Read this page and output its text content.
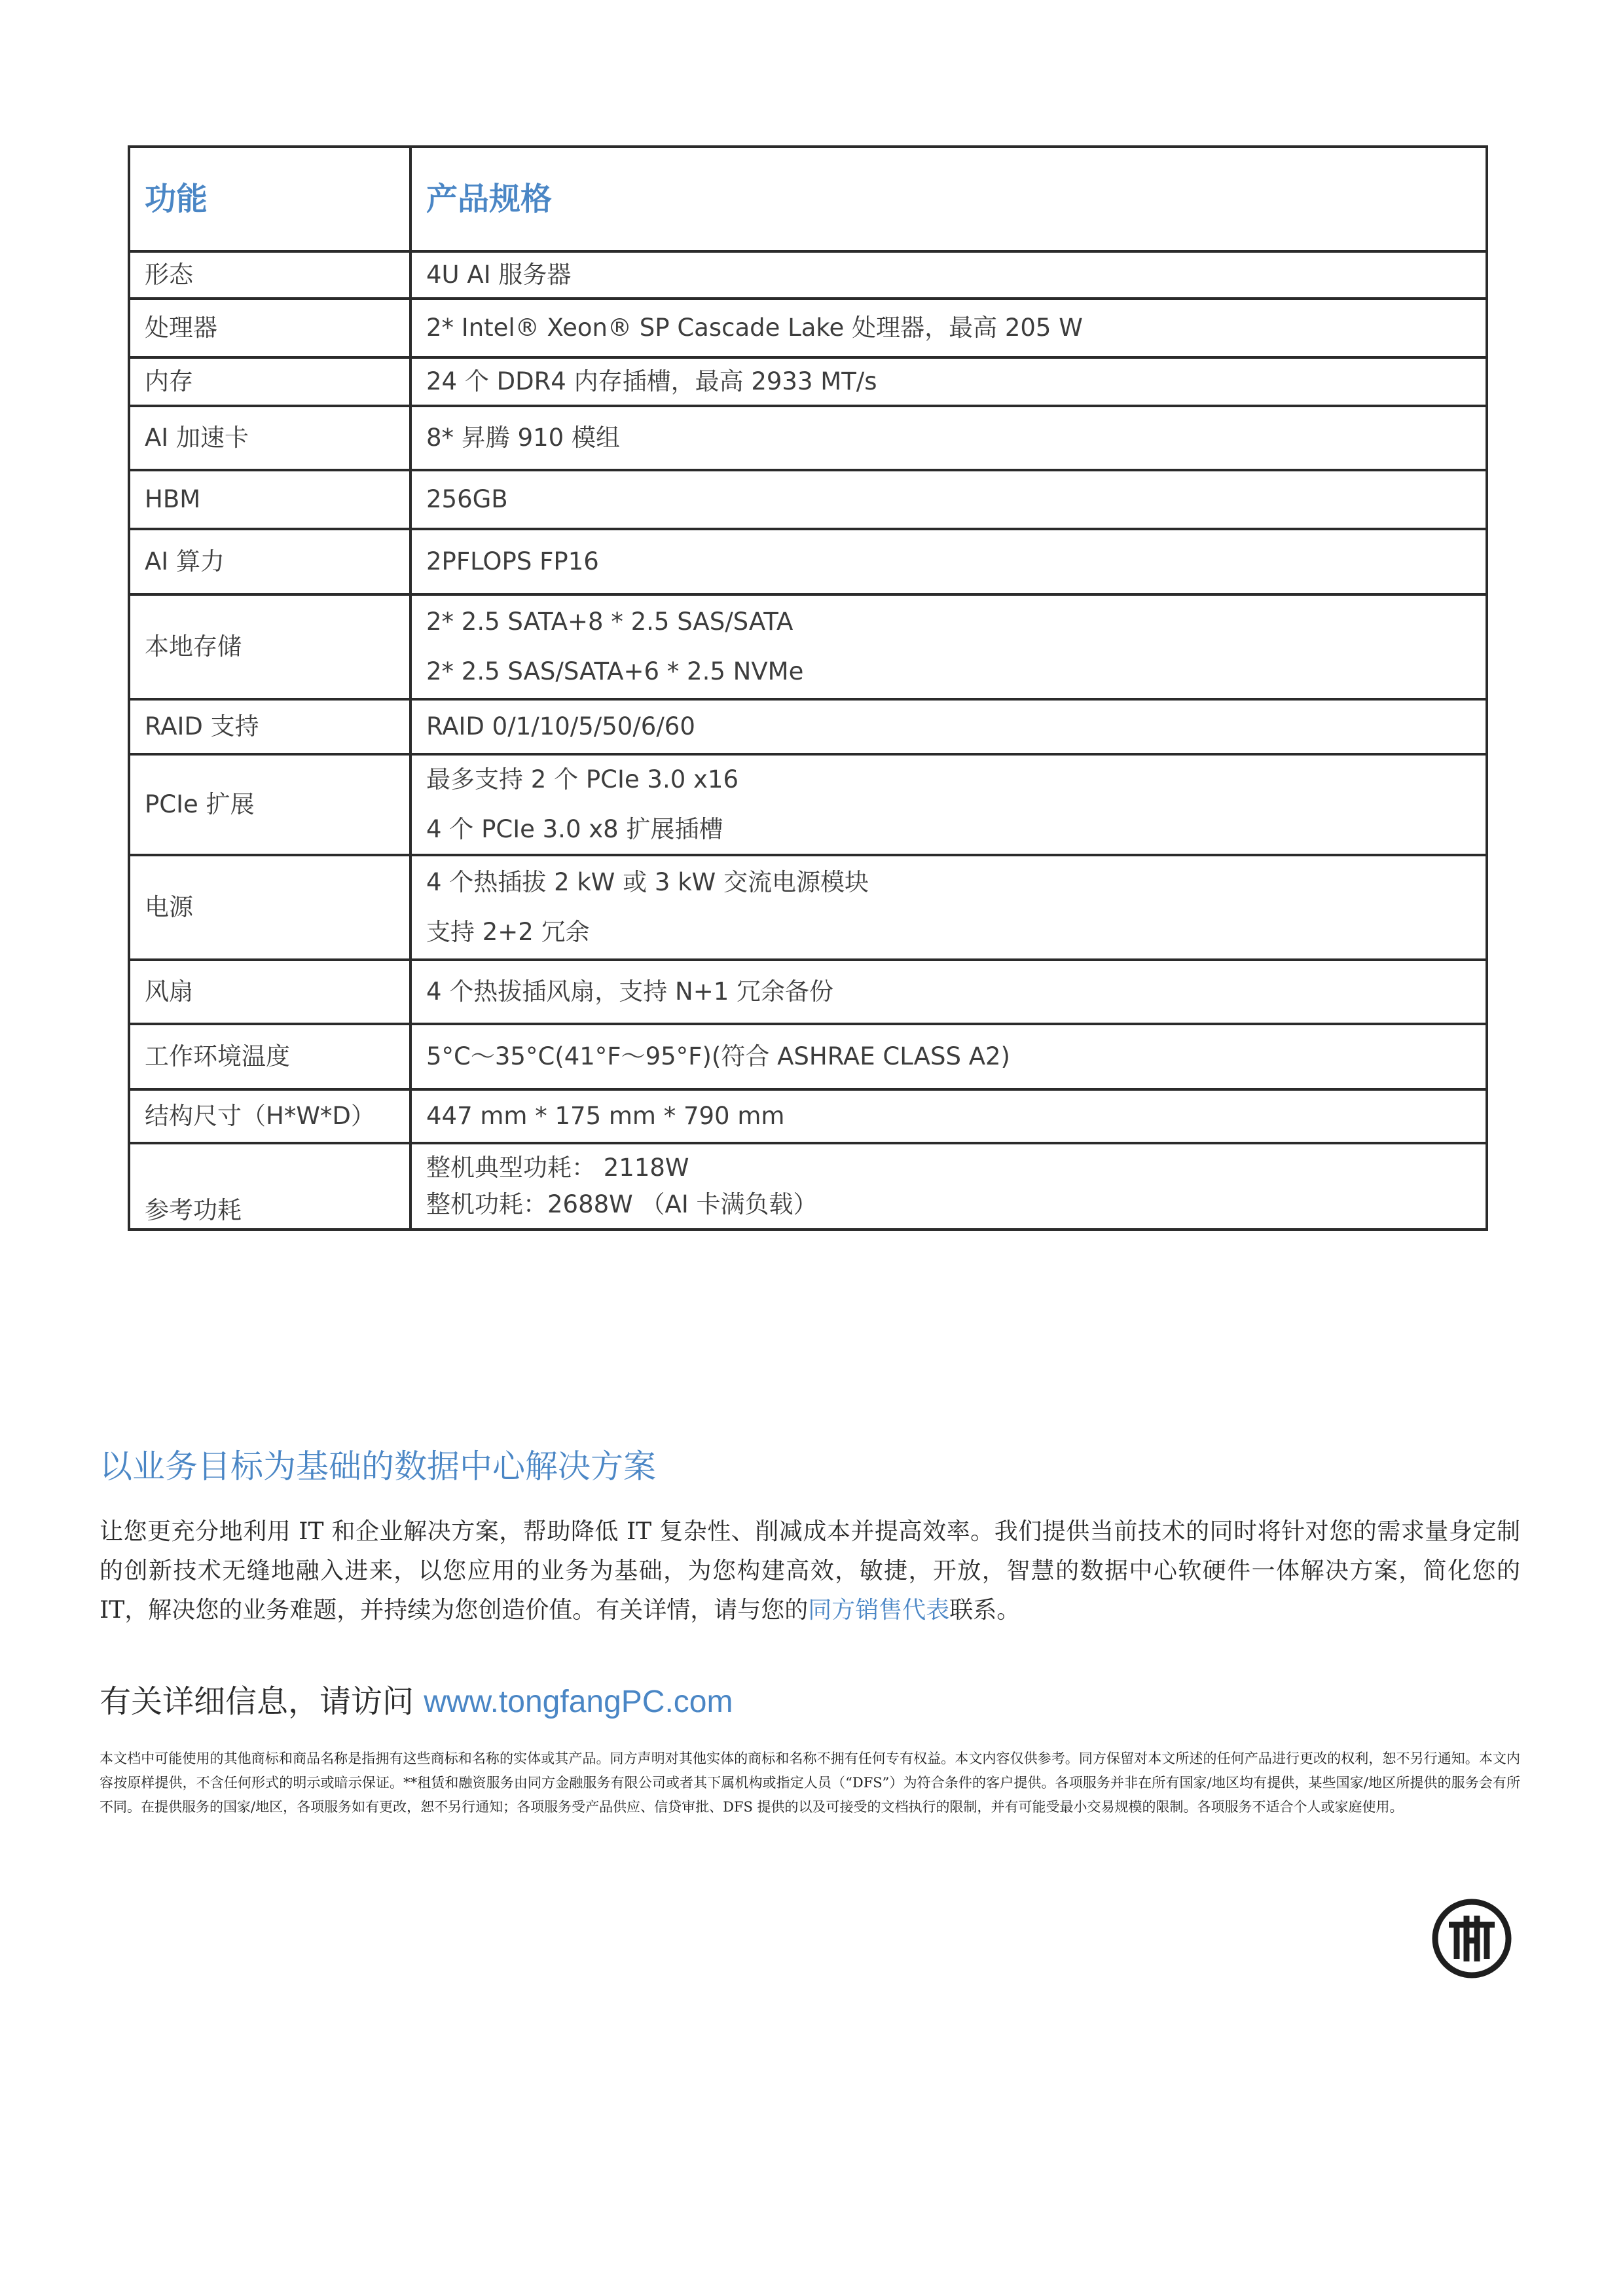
功能	产品规格
形态	4U AI 服务器

处理器	2* Intel® Xeon® SP Cascade Lake 处理器，最高 205 W

内存	24 个 DDR4 内存插槽，最高 2933 MT/s

AI 加速卡	8* 昇腾 910 模组

HBM	256GB

AI 算力	2PFLOPS FP16

本地存储	2* 2.5 SATA+8 * 2.5 SAS/SATA
2* 2.5 SAS/SATA+6 * 2.5 NVMe

RAID 支持	RAID 0/1/10/5/50/6/60

PCIe 扩展	最多支持 2 个 PCIe 3.0 x16
4 个 PCIe 3.0 x8 扩展插槽

电源	4 个热插拔 2 kW 或 3 kW 交流电源模块
支持 2+2 冗余

风扇	4 个热拔插风扇，支持 N+1 冗余备份

工作环境温度	5°C～35°C(41°F～95°F)(符合 ASHRAE CLASS A2)

结构尺寸（H*W*D）	447 mm * 175 mm * 790 mm

参考功耗	整机典型功耗： 2118W
整机功耗：2688W （AI 卡满负载）
以业务目标为基础的数据中心解决方案

让您更充分地利用 IT 和企业解决方案，帮助降低 IT 复杂性、削减成本并提高效率。我们提供当前技术的同时将针对您的需求量身定制的创新技术无缝地融入进来，以您应用的业务为基础，为您构建高效，敏捷，开放，智慧的数据中心软硬件一体解决方案，简化您的 IT，解决您的业务难题，并持续为您创造价值。有关详情，请与您的同方销售代表联系。

有关详细信息，请访问 www.tongfangPC.com

本文档中可能使用的其他商标和商品名称是指拥有这些商标和名称的实体或其产品。同方声明对其他实体的商标和名称不拥有任何专有权益。本文内容仅供参考。同方保留对本文所述的任何产品进行更改的权利，恕不另行通知。本文内容按原样提供，不含任何形式的明示或暗示保证。**租赁和融资服务由同方金融服务有限公司或者其下属机构或指定人员（“DFS”）为符合条件的客户提供。各项服务并非在所有国家/地区均有提供，某些国家/地区所提供的服务会有所不同。在提供服务的国家/地区，各项服务如有更改，恕不另行通知；各项服务受产品供应、信贷审批、DFS 提供的以及可接受的文档执行的限制，并有可能受最小交易规模的限制。各项服务不适合个人或家庭使用。
